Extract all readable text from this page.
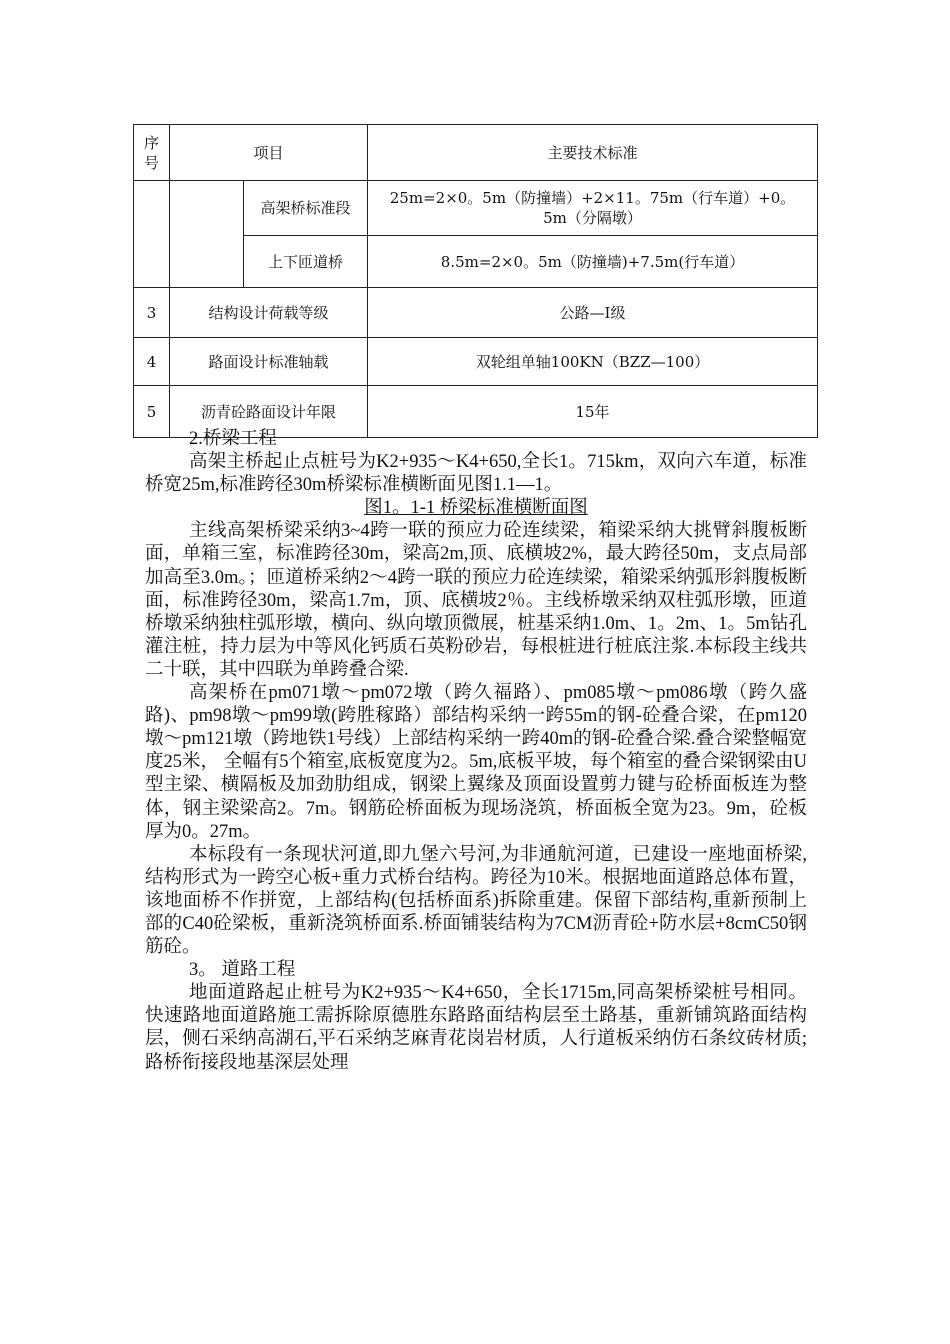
序号	项目		主要技术标准
		高架桥标准段	25m=2×0。5m（防撞墙）+2×11。75m（行车道）+0。5m（分隔墩）
		上下匝道桥	8.5m=2×0。5m（防撞墙)+7.5m(行车道）
3	结构设计荷载等级		公路—Ⅰ级
4	路面设计标准轴载		双轮组单轴100KN（BZZ—100）
5	沥青砼路面设计年限		15年

2.桥梁工程

高架主桥起止点桩号为K2+935～K4+650,全长1。715km，双向六车道，标准桥宽25m,标准跨径30m桥梁标准横断面见图1.1—1。

图1。1-1 桥梁标准横断面图

主线高架桥梁采纳3~4跨一联的预应力砼连续梁，箱梁采纳大挑臂斜腹板断面，单箱三室，标准跨径30m，梁高2m,顶、底横坡2%，最大跨径50m，支点局部加高至3.0m。；匝道桥采纳2～4跨一联的预应力砼连续梁，箱梁采纳弧形斜腹板断面，标准跨径30m，梁高1.7m，顶、底横坡2％。主线桥墩采纳双柱弧形墩，匝道桥墩采纳独柱弧形墩，横向、纵向墩顶微展，桩基采纳1.0m、1。2m、1。5m钻孔灌注桩，持力层为中等风化钙质石英粉砂岩，每根桩进行桩底注浆.本标段主线共二十联，其中四联为单跨叠合梁.

高架桥在pm071墩～pm072墩（跨久福路）、pm085墩～pm086墩（跨久盛路)、pm98墩～pm99墩(跨胜稼路）部结构采纳一跨55m的钢-砼叠合梁，在pm120墩～pm121墩（跨地铁1号线）上部结构采纳一跨40m的钢-砼叠合梁.叠合梁整幅宽度25米， 全幅有5个箱室,底板宽度为2。5m,底板平坡，每个箱室的叠合梁钢梁由U型主梁、横隔板及加劲肋组成，钢梁上翼缘及顶面设置剪力键与砼桥面板连为整体，钢主梁梁高2。7m。钢筋砼桥面板为现场浇筑，桥面板全宽为23。9m，砼板厚为0。27m。

本标段有一条现状河道,即九堡六号河,为非通航河道，已建设一座地面桥梁,结构形式为一跨空心板+重力式桥台结构。跨径为10米。根据地面道路总体布置，该地面桥不作拼宽，上部结构(包括桥面系)拆除重建。保留下部结构,重新预制上部的C40砼梁板，重新浇筑桥面系.桥面铺装结构为7CM沥青砼+防水层+8cmC50钢筋砼。

3。 道路工程

地面道路起止桩号为K2+935～K4+650，全长1715m,同高架桥梁桩号相同。快速路地面道路施工需拆除原德胜东路路面结构层至土路基，重新铺筑路面结构层，侧石采纳高湖石,平石采纳芝麻青花岗岩材质，人行道板采纳仿石条纹砖材质;路桥衔接段地基深层处理
